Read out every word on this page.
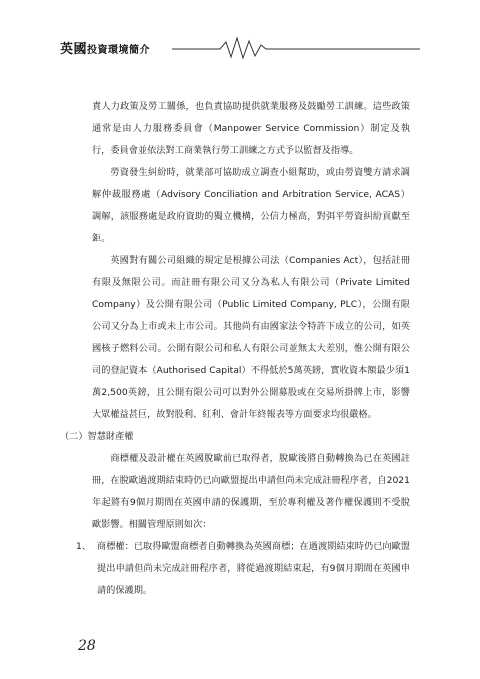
英國投資環境簡介

責人力政策及勞工關係，也負責協助提供就業服務及鼓勵勞工訓練。這些政策通常是由人力服務委員會（Manpower Service Commission）制定及執行，委員會並依法對工商業執行勞工訓練之方式予以監督及指導。

勞資發生糾紛時，就業部可協助成立調查小組幫助，或由勞資雙方請求調解仲裁服務處（Advisory Conciliation and Arbitration Service, ACAS）調解，該服務處是政府資助的獨立機構，公信力極高，對弭平勞資糾紛貢獻至鉅。

英國對有關公司組織的規定是根據公司法（Companies Act），包括註冊有限及無限公司。而註冊有限公司又分為私人有限公司（Private Limited Company）及公開有限公司（Public Limited Company, PLC），公開有限公司又分為上市或未上市公司。其他尚有由國家法令特許下成立的公司，如英國核子燃料公司。公開有限公司和私人有限公司並無太大差別，惟公開有限公司的登記資本（Authorised Capital）不得低於5萬英鎊，實收資本額最少須1萬2,500英鎊，且公開有限公司可以對外公開募股或在交易所掛牌上市，影響大眾權益甚巨，故對股利、紅利、會計年終報表等方面要求均很嚴格。

（二）智慧財產權

商標權及設計權在英國脫歐前已取得者，脫歐後將自動轉換為已在英國註冊，在脫歐過渡期結束時仍已向歐盟提出申請但尚未完成註冊程序者，自2021年起將有9個月期間在英國申請的保護期，至於專利權及著作權保護則不受脫歐影響。相關管理原則如次：

1、 商標權：已取得歐盟商標者自動轉換為英國商標；在過渡期結束時仍已向歐盟提出申請但尚未完成註冊程序者，將從過渡期結束起，有9個月期間在英國申請的保護期。
28
